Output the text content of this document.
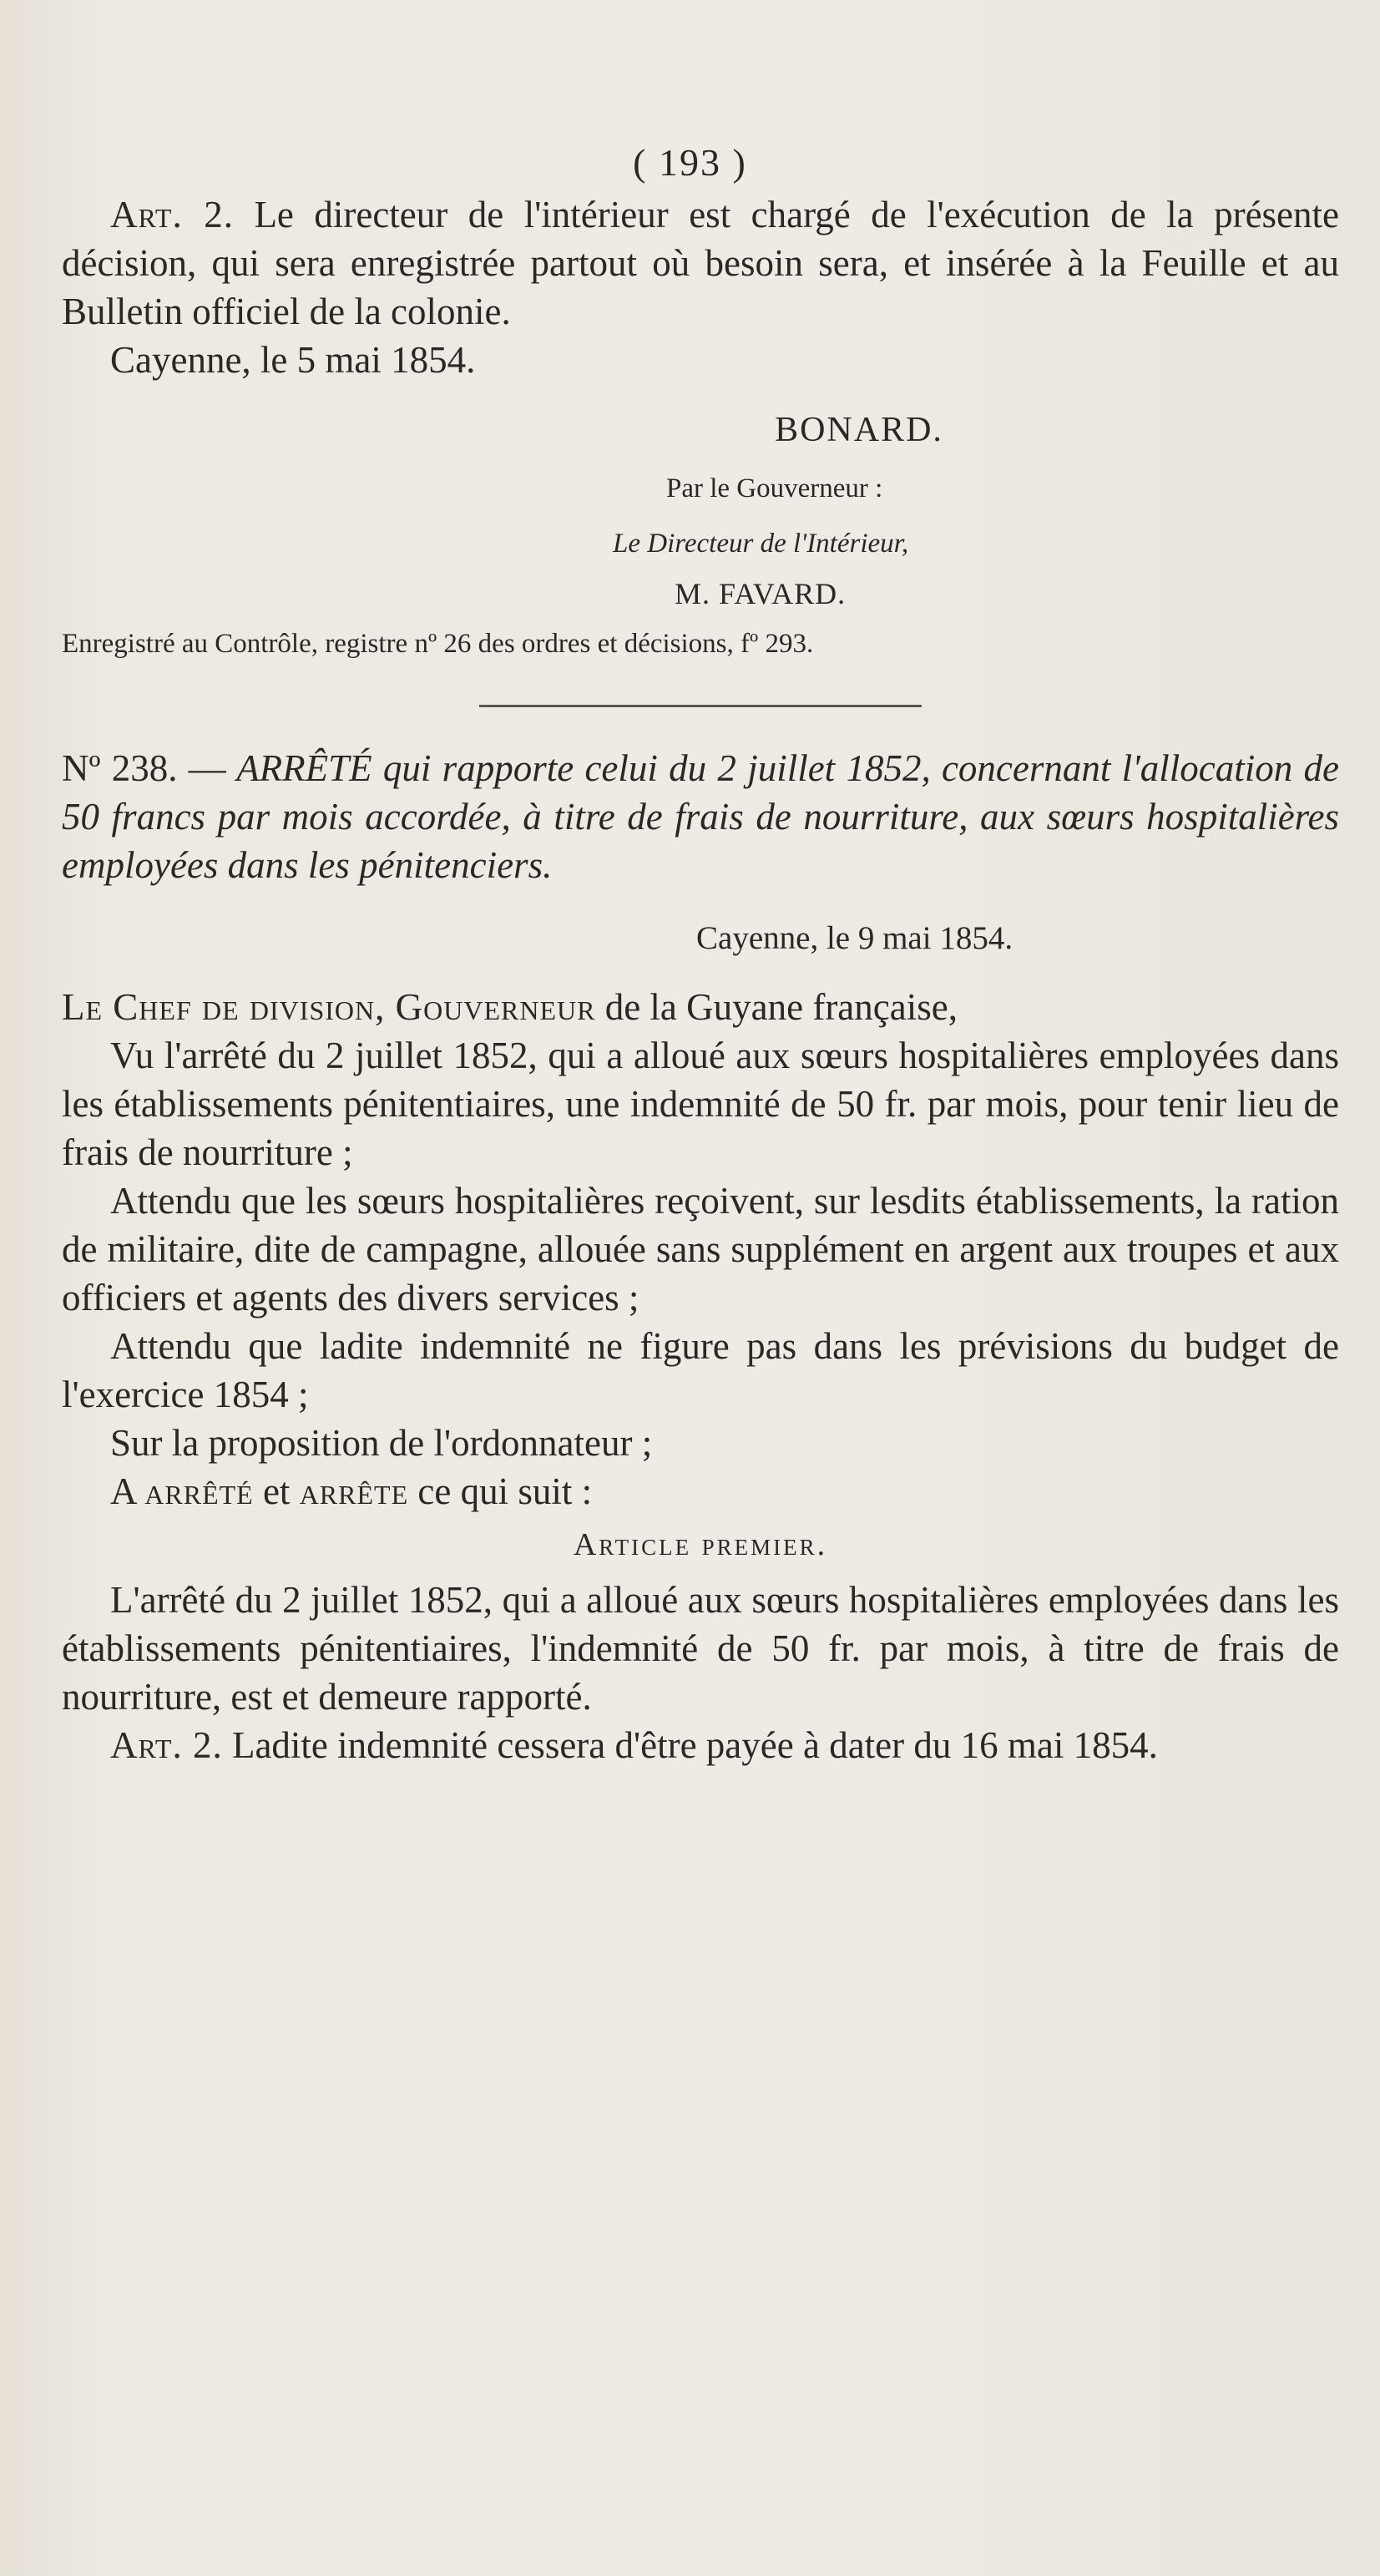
( 193 )

Art. 2. Le directeur de l'intérieur est chargé de l'exécution de la présente décision, qui sera enregistrée partout où besoin sera, et insérée à la Feuille et au Bulletin officiel de la colonie.

Cayenne, le 5 mai 1854.

BONARD.
Par le Gouverneur :
Le Directeur de l'Intérieur,
M. FAVARD.

Enregistré au Contrôle, registre nº 26 des ordres et décisions, fº 293.

Nº 238. — ARRÊTÉ qui rapporte celui du 2 juillet 1852, concernant l'allocation de 50 francs par mois accordée, à titre de frais de nourriture, aux sœurs hospitalières employées dans les pénitenciers.

Cayenne, le 9 mai 1854.

Le Chef de division, Gouverneur de la Guyane française,

Vu l'arrêté du 2 juillet 1852, qui a alloué aux sœurs hospitalières employées dans les établissements pénitentiaires, une indemnité de 50 fr. par mois, pour tenir lieu de frais de nourriture ;

Attendu que les sœurs hospitalières reçoivent, sur lesdits établissements, la ration de militaire, dite de campagne, allouée sans supplément en argent aux troupes et aux officiers et agents des divers services ;

Attendu que ladite indemnité ne figure pas dans les prévisions du budget de l'exercice 1854 ;

Sur la proposition de l'ordonnateur ;

A arrêté et arrête ce qui suit :

Article premier.

L'arrêté du 2 juillet 1852, qui a alloué aux sœurs hospitalières employées dans les établissements pénitentiaires, l'indemnité de 50 fr. par mois, à titre de frais de nourriture, est et demeure rapporté.

Art. 2. Ladite indemnité cessera d'être payée à dater du 16 mai 1854.
